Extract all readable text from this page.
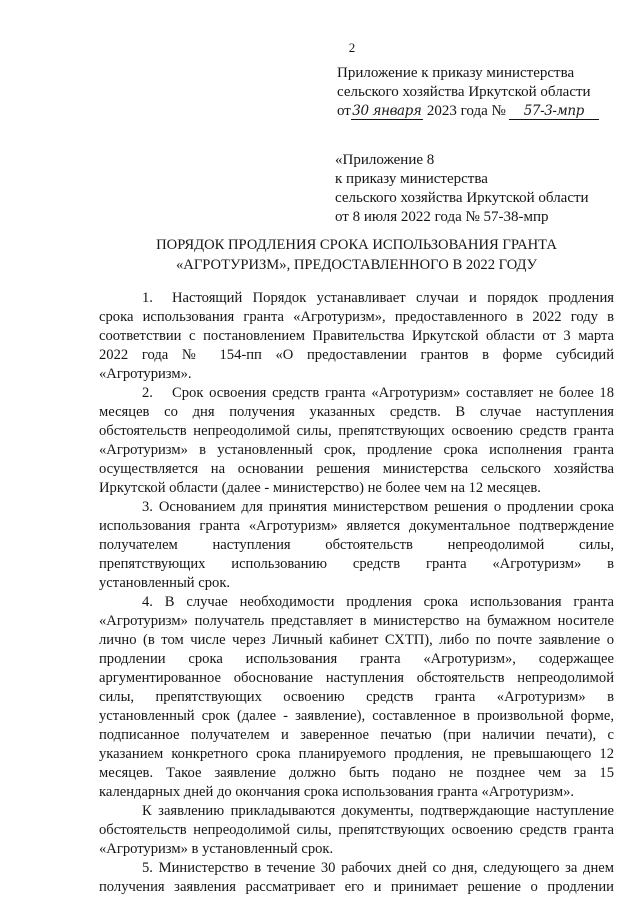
2
Приложение к приказу министерства
сельского хозяйства Иркутской области
от30 января 2023 года № 57-3-мпр
«Приложение 8
к приказу министерства
сельского хозяйства Иркутской области
от 8 июля 2022 года № 57-38-мпр
ПОРЯДОК ПРОДЛЕНИЯ СРОКА ИСПОЛЬЗОВАНИЯ ГРАНТА
«АГРОТУРИЗМ», ПРЕДОСТАВЛЕННОГО В 2022 ГОДУ
1. Настоящий Порядок устанавливает случаи и порядок продления
срока использования гранта «Агротуризм», предоставленного в 2022 году в
соответствии с постановлением Правительства Иркутской области от 3 марта
2022 года № 154-пп «О предоставлении грантов в форме субсидий
«Агротуризм».
2. Срок освоения средств гранта «Агротуризм» составляет не более 18
месяцев со дня получения указанных средств. В случае наступления
обстоятельств непреодолимой силы, препятствующих освоению средств гранта
«Агротуризм» в установленный срок, продление срока исполнения гранта
осуществляется на основании решения министерства сельского хозяйства
Иркутской области (далее - министерство) не более чем на 12 месяцев.
3. Основанием для принятия министерством решения о продлении срока
использования гранта «Агротуризм» является документальное подтверждение
получателем наступления обстоятельств непреодолимой силы,
препятствующих использованию средств гранта «Агротуризм» в
установленный срок.
4. В случае необходимости продления срока использования гранта
«Агротуризм» получатель представляет в министерство на бумажном носителе
лично (в том числе через Личный кабинет СХТП), либо по почте заявление о
продлении срока использования гранта «Агротуризм», содержащее
аргументированное обоснование наступления обстоятельств непреодолимой
силы, препятствующих освоению средств гранта «Агротуризм» в
установленный срок (далее - заявление), составленное в произвольной форме,
подписанное получателем и заверенное печатью (при наличии печати), с
указанием конкретного срока планируемого продления, не превышающего 12
месяцев. Такое заявление должно быть подано не позднее чем за 15
календарных дней до окончания срока использования гранта «Агротуризм».
К заявлению прикладываются документы, подтверждающие наступление
обстоятельств непреодолимой силы, препятствующих освоению средств гранта
«Агротуризм» в установленный срок.
5. Министерство в течение 30 рабочих дней со дня, следующего за днем
получения заявления рассматривает его и принимает решение о продлении
